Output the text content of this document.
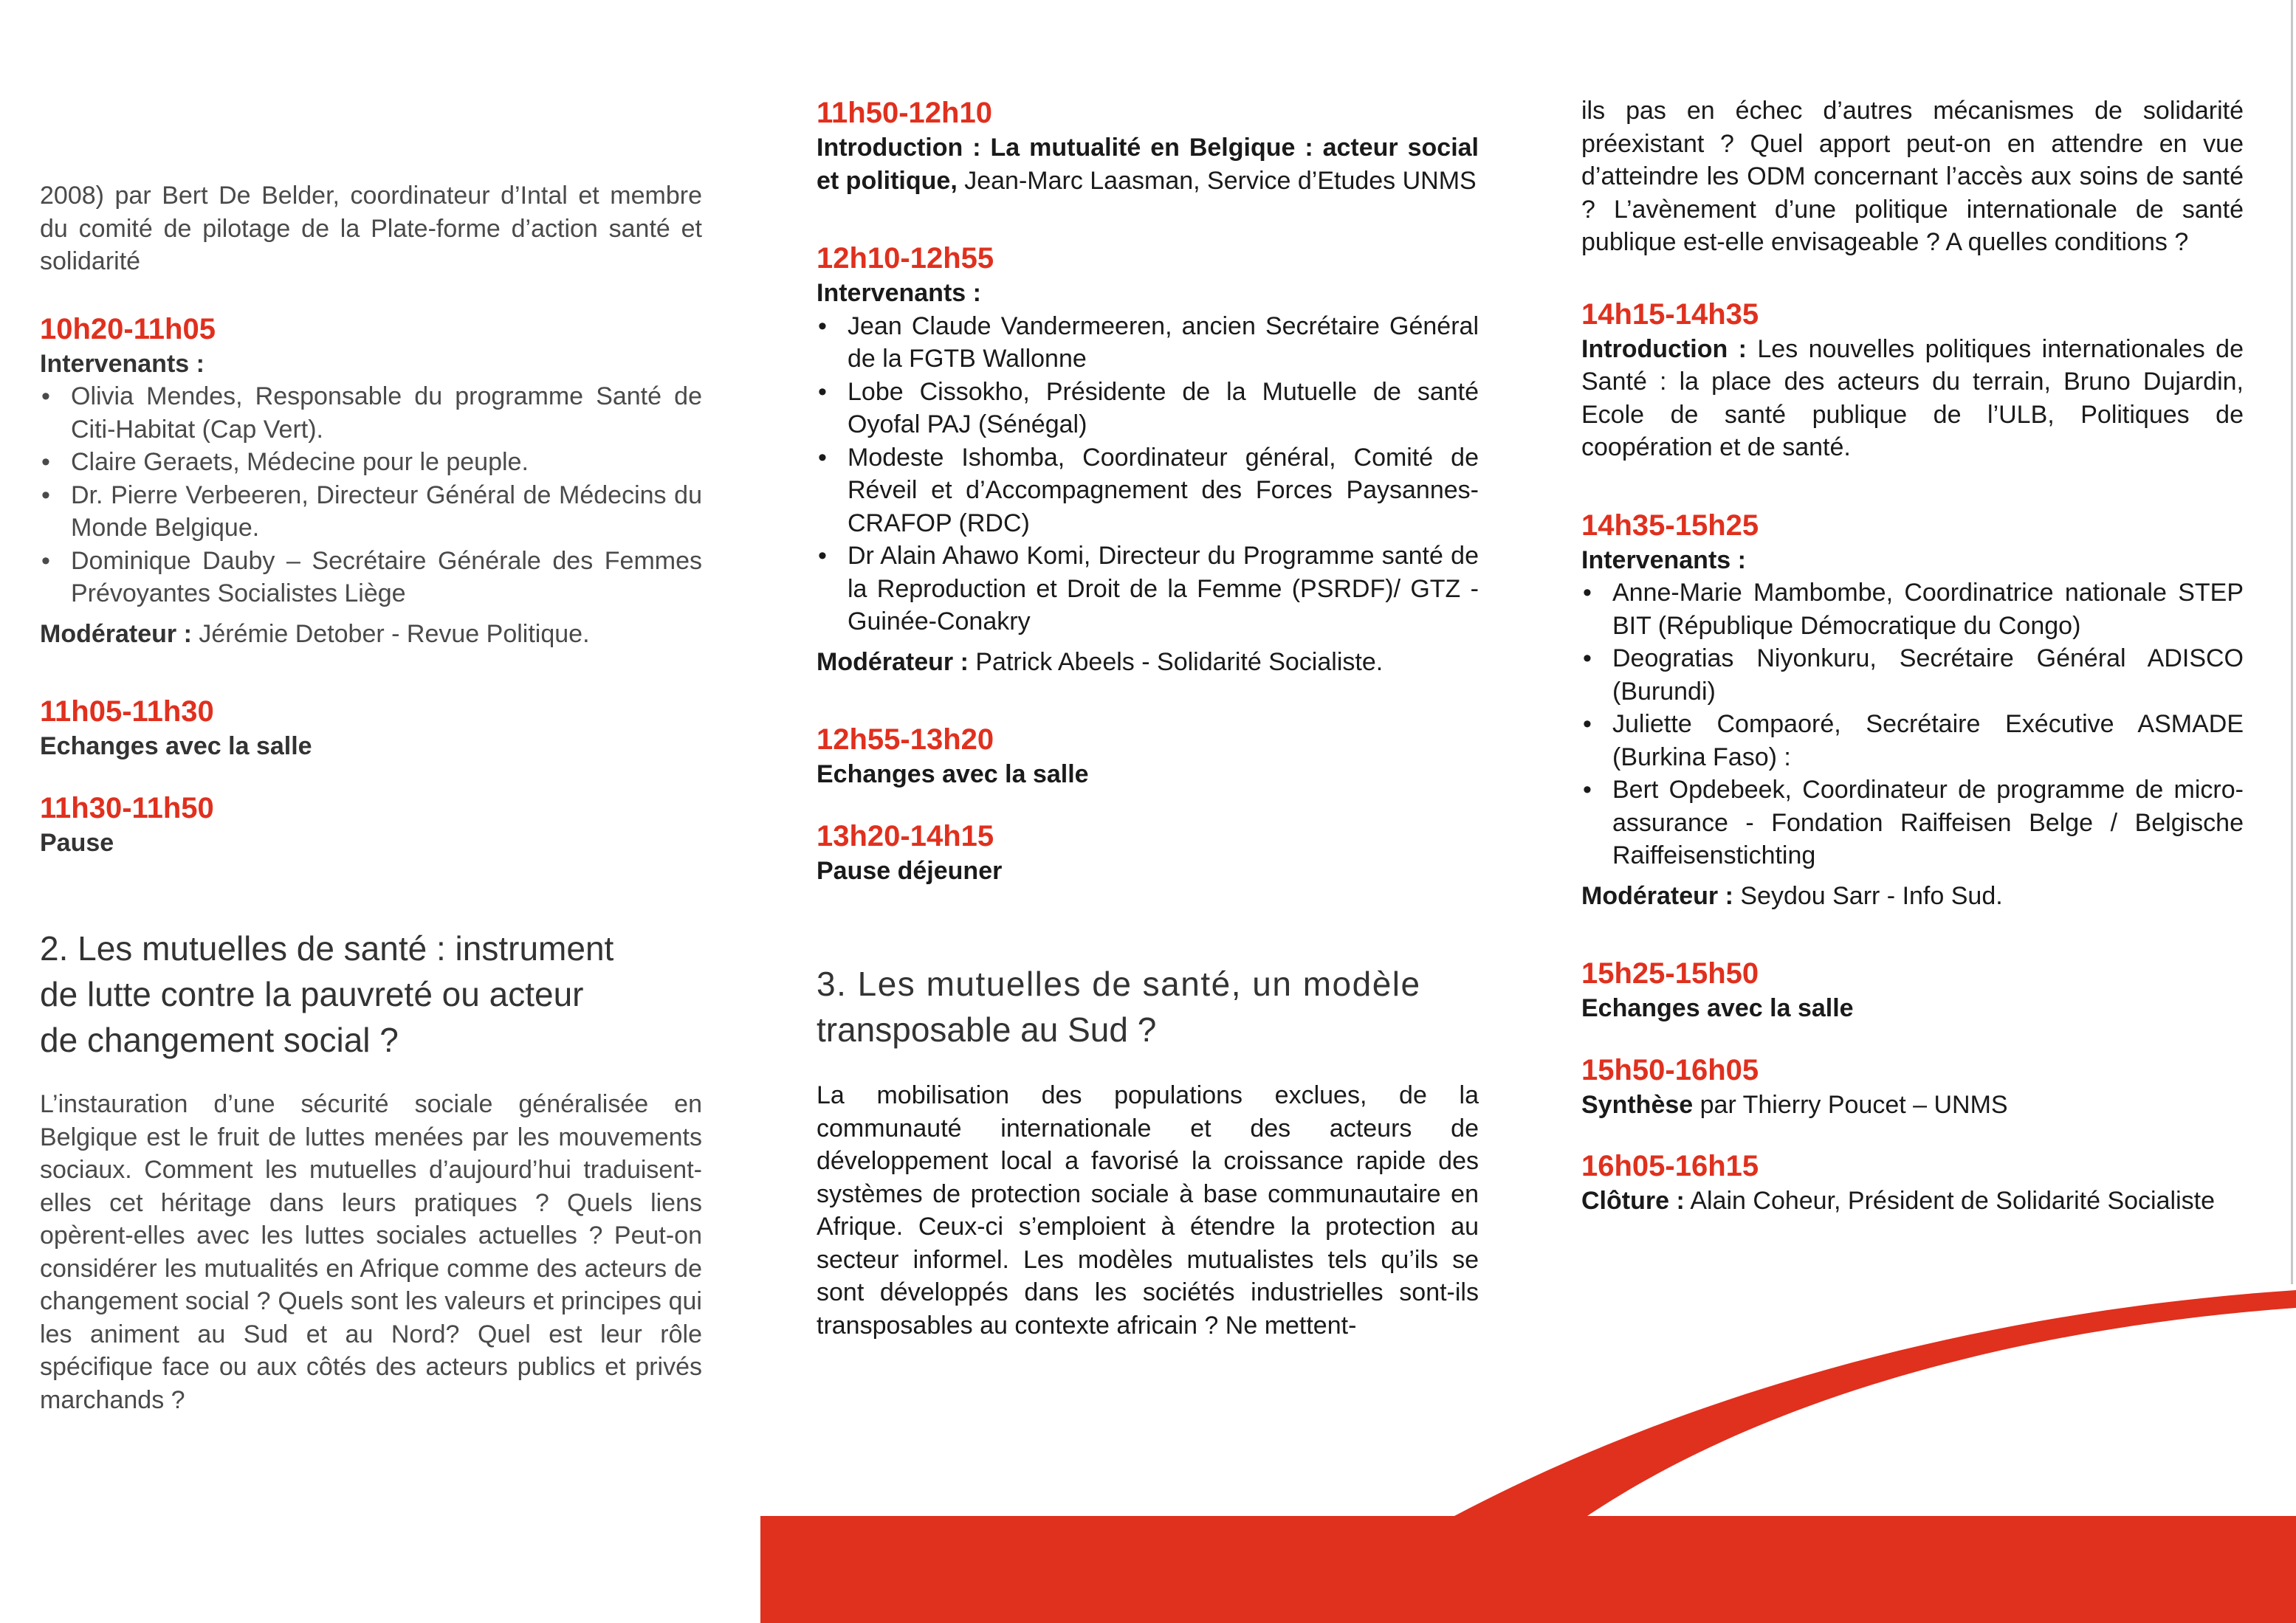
2008) par Bert De Belder, coordinateur d’Intal et membre du comité de pilotage de la Plate-forme d’action santé et solidarité

10h20-11h05
Intervenants :
• Olivia Mendes, Responsable du programme Santé de Citi-Habitat (Cap Vert).
• Claire Geraets, Médecine pour le peuple.
• Dr. Pierre Verbeeren, Directeur Général de Médecins du Monde Belgique.
• Dominique Dauby – Secrétaire Générale des Femmes Prévoyantes Socialistes Liège

Modérateur : Jérémie Detober - Revue Politique.

11h05-11h30
Echanges avec la salle
11h30-11h50
Pause
2. Les mutuelles de santé : instrument
de lutte contre la pauvreté ou acteur
de changement social ?

L’instauration d’une sécurité sociale généralisée en Belgique est le fruit de luttes menées par les mouvements sociaux. Comment les mutuelles d’aujourd’hui traduisent-elles cet héritage dans leurs pratiques ? Quels liens opèrent-elles avec les luttes sociales actuelles ? Peut-on considérer les mutualités en Afrique comme des acteurs de changement social ? Quels sont les valeurs et principes qui les animent au Sud et au Nord? Quel est leur rôle spécifique face ou aux côtés des acteurs publics et privés marchands ?

11h50-12h10

Introduction : La mutualité en Belgique : acteur social et politique, Jean-Marc Laasman, Service d’Etudes UNMS

12h10-12h55
Intervenants :
• Jean Claude Vandermeeren, ancien Secrétaire Général de la FGTB Wallonne
• Lobe Cissokho, Présidente de la Mutuelle de santé Oyofal PAJ (Sénégal)
• Modeste Ishomba, Coordinateur général, Comité de Réveil et d’Accompagnement des Forces Paysannes- CRAFOP (RDC)
• Dr Alain Ahawo Komi, Directeur du Programme santé de la Reproduction et Droit de la Femme (PSRDF)/ GTZ - Guinée-Conakry

Modérateur : Patrick Abeels - Solidarité Socialiste.

12h55-13h20
Echanges avec la salle
13h20-14h15
Pause déjeuner
3. Les mutuelles de santé, un modèle
transposable au Sud ?

La mobilisation des populations exclues, de la communauté internationale et des acteurs de développement local a favorisé la croissance rapide des systèmes de protection sociale à base communautaire en Afrique. Ceux-ci s’emploient à étendre la protection au secteur informel. Les modèles mutualistes tels qu’ils se sont développés dans les sociétés industrielles sont-ils transposables au contexte africain ? Ne mettent-

ils pas en échec d’autres mécanismes de solidarité préexistant ? Quel apport peut-on en attendre en vue d’atteindre les ODM concernant l’accès aux soins de santé ? L’avènement d’une politique internationale de santé publique est-elle envisageable ? A quelles conditions ?

14h15-14h35

Introduction : Les nouvelles politiques internationales de Santé : la place des acteurs du terrain, Bruno Dujardin, Ecole de santé publique de l’ULB, Politiques de coopération et de santé.

14h35-15h25
Intervenants :
• Anne-Marie Mambombe, Coordinatrice nationale STEP BIT (République Démocratique du Congo)
• Deogratias Niyonkuru, Secrétaire Général ADISCO (Burundi)
• Juliette Compaoré, Secrétaire Exécutive ASMADE (Burkina Faso) :
• Bert Opdebeek, Coordinateur de programme de micro-assurance - Fondation Raiffeisen Belge / Belgische Raiffeisenstichting

Modérateur : Seydou Sarr - Info Sud.

15h25-15h50
Echanges avec la salle
15h50-16h05

Synthèse par Thierry Poucet – UNMS

16h05-16h15

Clôture : Alain Coheur, Président de Solidarité Socialiste
